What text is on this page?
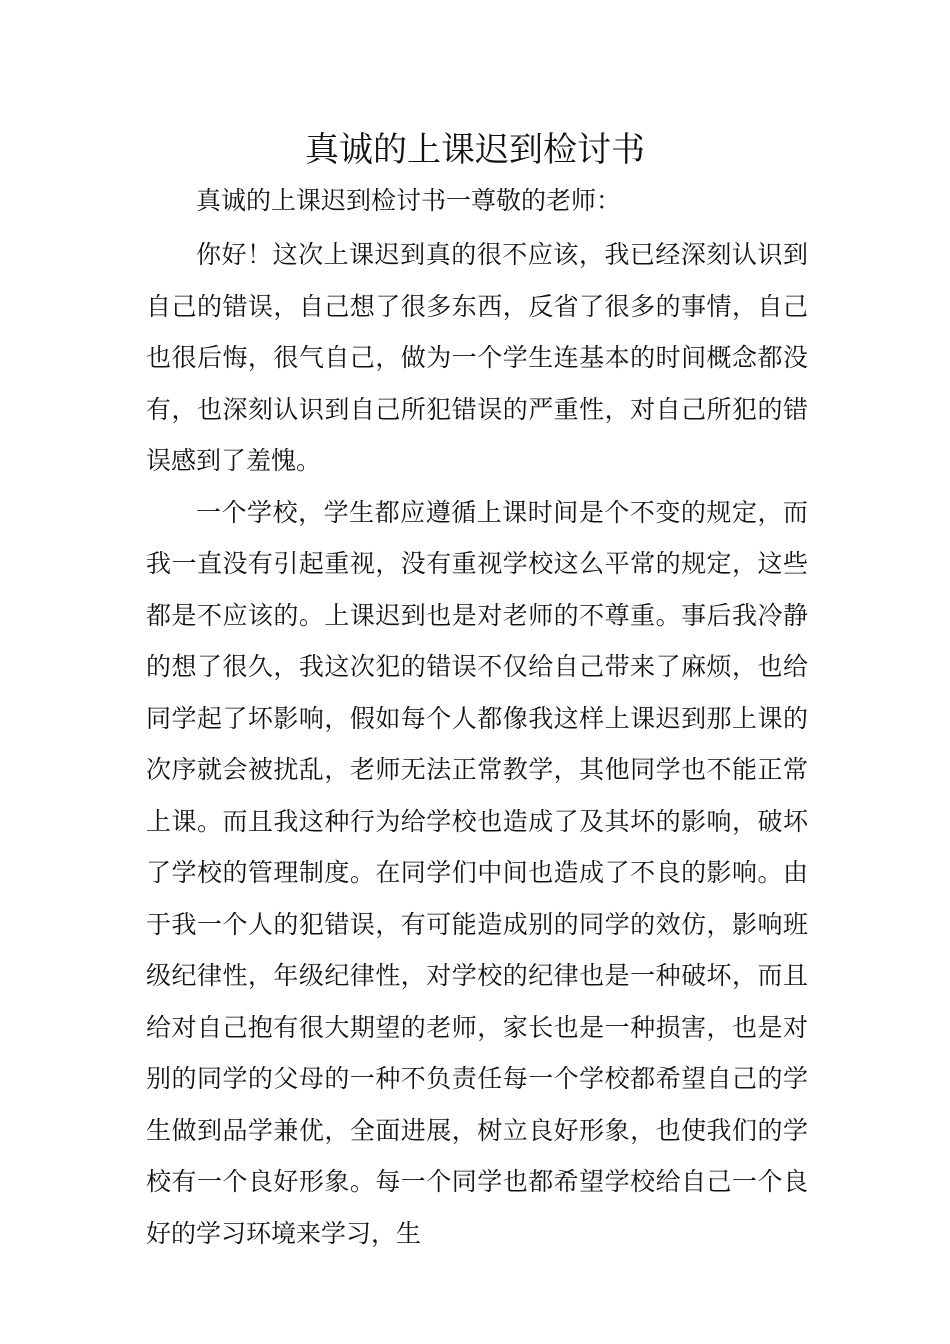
真诚的上课迟到检讨书

真诚的上课迟到检讨书一尊敬的老师：

你好！这次上课迟到真的很不应该，我已经深刻认识到自己的错误，自己想了很多东西，反省了很多的事情，自己也很后悔，很气自己，做为一个学生连基本的时间概念都没有，也深刻认识到自己所犯错误的严重性，对自己所犯的错误感到了羞愧。

一个学校，学生都应遵循上课时间是个不变的规定，而我一直没有引起重视，没有重视学校这么平常的规定，这些都是不应该的。上课迟到也是对老师的不尊重。事后我冷静的想了很久，我这次犯的错误不仅给自己带来了麻烦，也给同学起了坏影响，假如每个人都像我这样上课迟到那上课的次序就会被扰乱，老师无法正常教学，其他同学也不能正常上课。而且我这种行为给学校也造成了及其坏的影响，破坏了学校的管理制度。在同学们中间也造成了不良的影响。由于我一个人的犯错误，有可能造成别的同学的效仿，影响班级纪律性，年级纪律性，对学校的纪律也是一种破坏，而且给对自己抱有很大期望的老师，家长也是一种损害，也是对别的同学的父母的一种不负责任每一个学校都希望自己的学生做到品学兼优，全面进展，树立良好形象，也使我们的学校有一个良好形象。每一个同学也都希望学校给自己一个良好的学习环境来学习，生
